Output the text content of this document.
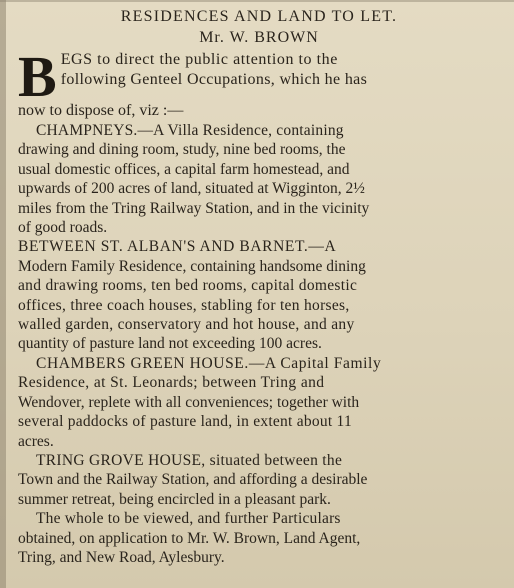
RESIDENCES AND LAND TO LET.
Mr. W. BROWN
B EGS to direct the public attention to the
following Genteel Occupations, which he has
now to dispose of, viz :—
CHAMPNEYS.—A Villa Residence, containing
drawing and dining room, study, nine bed rooms, the
usual domestic offices, a capital farm homestead, and
upwards of 200 acres of land, situated at Wigginton, 2½
miles from the Tring Railway Station, and in the vicinity
of good roads.
BETWEEN ST. ALBAN'S AND BARNET.—A
Modern Family Residence, containing handsome dining
and drawing rooms, ten bed rooms, capital domestic
offices, three coach houses, stabling for ten horses,
walled garden, conservatory and hot house, and any
quantity of pasture land not exceeding 100 acres.
CHAMBERS GREEN HOUSE.—A Capital Family
Residence, at St. Leonards; between Tring and
Wendover, replete with all conveniences; together with
several paddocks of pasture land, in extent about 11
acres.
TRING GROVE HOUSE, situated between the
Town and the Railway Station, and affording a desirable
summer retreat, being encircled in a pleasant park.
The whole to be viewed, and further Particulars
obtained, on application to Mr. W. Brown, Land Agent,
Tring, and New Road, Aylesbury.
